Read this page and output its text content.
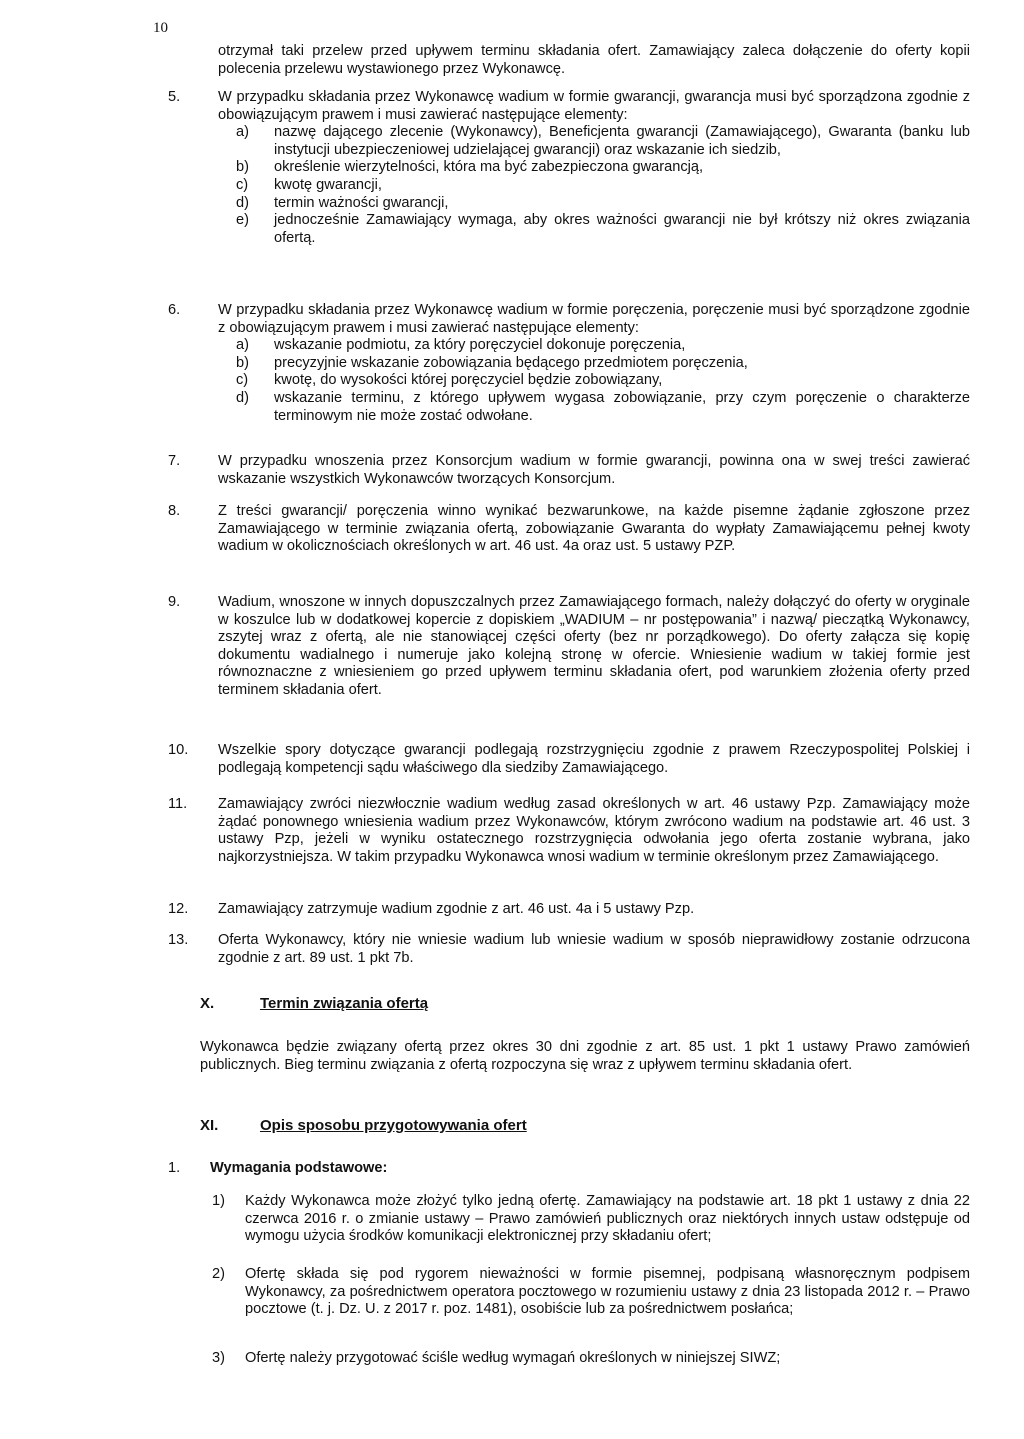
10
otrzymał taki przelew przed upływem terminu składania ofert. Zamawiający zaleca dołączenie do oferty kopii polecenia przelewu wystawionego przez Wykonawcę.
5.	W przypadku składania przez Wykonawcę wadium w formie gwarancji, gwarancja musi być sporządzona zgodnie z obowiązującym prawem i musi zawierać następujące elementy:
a) nazwę dającego zlecenie (Wykonawcy), Beneficjenta gwarancji (Zamawiającego), Gwaranta (banku lub instytucji ubezpieczeniowej udzielającej gwarancji) oraz wskazanie ich siedzib,
b) określenie wierzytelności, która ma być zabezpieczona gwarancją,
c) kwotę gwarancji,
d) termin ważności gwarancji,
e) jednocześnie Zamawiający wymaga, aby okres ważności gwarancji nie był krótszy niż okres związania ofertą.
6.	W przypadku składania przez Wykonawcę wadium w formie poręczenia, poręczenie musi być sporządzone zgodnie z obowiązującym prawem i musi zawierać następujące elementy:
a) wskazanie podmiotu, za który poręczyciel dokonuje poręczenia,
b) precyzyjnie wskazanie zobowiązania będącego przedmiotem poręczenia,
c) kwotę, do wysokości której poręczyciel będzie zobowiązany,
d) wskazanie terminu, z którego upływem wygasa zobowiązanie, przy czym poręczenie o charakterze terminowym nie może zostać odwołane.
7.	W przypadku wnoszenia przez Konsorcjum wadium w formie gwarancji, powinna ona w swej treści zawierać wskazanie wszystkich Wykonawców tworzących Konsorcjum.
8.	Z treści gwarancji/ poręczenia winno wynikać bezwarunkowe, na każde pisemne żądanie zgłoszone przez Zamawiającego w terminie związania ofertą, zobowiązanie Gwaranta do wypłaty Zamawiającemu pełnej kwoty wadium w okolicznościach określonych w art. 46 ust. 4a oraz ust. 5 ustawy PZP.
9.	Wadium, wnoszone w innych dopuszczalnych przez Zamawiającego formach, należy dołączyć do oferty w oryginale w koszulce lub w dodatkowej kopercie z dopiskiem „WADIUM – nr postępowania” i nazwą/ pieczątką Wykonawcy, zszytej wraz z ofertą, ale nie stanowiącej części oferty (bez nr porządkowego). Do oferty załącza się kopię dokumentu wadialnego i numeruje jako kolejną stronę w ofercie. Wniesienie wadium w takiej formie jest równoznaczne z wniesieniem go przed upływem terminu składania ofert, pod warunkiem złożenia oferty przed terminem składania ofert.
10. Wszelkie spory dotyczące gwarancji podlegają rozstrzygnięciu zgodnie z prawem Rzeczypospolitej Polskiej i podlegają kompetencji sądu właściwego dla siedziby Zamawiającego.
11. Zamawiający zwróci niezwłocznie wadium według zasad określonych w art. 46 ustawy Pzp. Zamawiający może żądać ponownego wniesienia wadium przez Wykonawców, którym zwrócono wadium na podstawie art. 46 ust. 3 ustawy Pzp, jeżeli w wyniku ostatecznego rozstrzygnięcia odwołania jego oferta zostanie wybrana, jako najkorzystniejsza. W takim przypadku Wykonawca wnosi wadium w terminie określonym przez Zamawiającego.
12. Zamawiający zatrzymuje wadium zgodnie z art. 46 ust. 4a i 5 ustawy Pzp.
13. Oferta Wykonawcy, który nie wniesie wadium lub wniesie wadium w sposób nieprawidłowy zostanie odrzucona zgodnie z art. 89 ust. 1 pkt 7b.
X.	Termin związania ofertą
Wykonawca będzie związany ofertą przez okres 30 dni zgodnie z art. 85 ust. 1 pkt 1 ustawy Prawo zamówień publicznych. Bieg terminu związania z ofertą rozpoczyna się wraz z upływem terminu składania ofert.
XI.	Opis sposobu przygotowywania ofert
1. Wymagania podstawowe:
1) Każdy Wykonawca może złożyć tylko jedną ofertę. Zamawiający na podstawie art. 18 pkt 1 ustawy z dnia 22 czerwca 2016 r. o zmianie ustawy – Prawo zamówień publicznych oraz niektórych innych ustaw odstępuje od wymogu użycia środków komunikacji elektronicznej przy składaniu ofert;
2) Ofertę składa się pod rygorem nieważności w formie pisemnej, podpisaną własnoręcznym podpisem Wykonawcy, za pośrednictwem operatora pocztowego w rozumieniu ustawy z dnia 23 listopada 2012 r. – Prawo pocztowe (t. j. Dz. U. z 2017 r. poz. 1481), osobiście lub za pośrednictwem posłańca;
3) Ofertę należy przygotować ściśle według wymagań określonych w niniejszej SIWZ;
